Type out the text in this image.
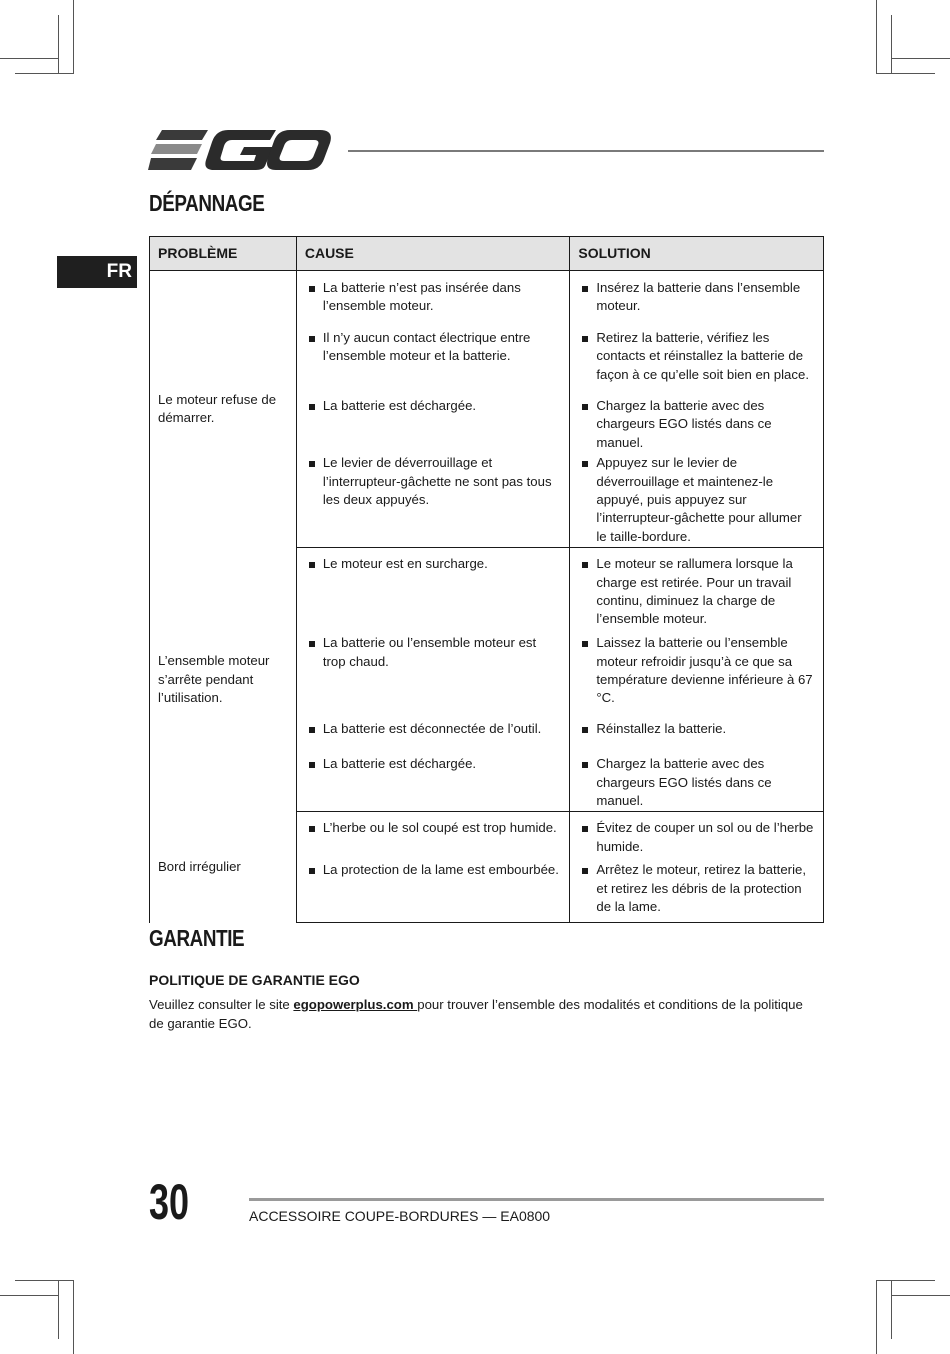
FR
DÉPANNAGE
PROBLÈME	CAUSE	SOLUTION
Le moteur refuse de démarrer.	La batterie n’est pas insérée dans l’ensemble moteur.	Insérez la batterie dans l’ensemble moteur.

	Il n’y aucun contact électrique entre l’ensemble moteur et la batterie.	Retirez la batterie, vérifiez les contacts et réinstallez la batterie de façon à ce qu’elle soit bien en place.

	La batterie est déchargée.	Chargez la batterie avec des chargeurs EGO listés dans ce manuel.

	Le levier de déverrouillage et l’interrupteur-gâchette ne sont pas tous les deux appuyés.	Appuyez sur le levier de déverrouillage et maintenez-le appuyé, puis appuyez sur l’interrupteur-gâchette pour allumer le taille-bordure.

L’ensemble moteur s’arrête pendant l’utilisation.	Le moteur est en surcharge.	Le moteur se rallumera lorsque la charge est retirée. Pour un travail continu, diminuez la charge de l’ensemble moteur.

	La batterie ou l’ensemble moteur est trop chaud.	Laissez la batterie ou l’ensemble moteur refroidir jusqu’à ce que sa température devienne inférieure à 67 °C.

	La batterie est déconnectée de l’outil.	Réinstallez la batterie.

	La batterie est déchargée.	Chargez la batterie avec des chargeurs EGO listés dans ce manuel.

Bord irrégulier	L’herbe ou le sol coupé est trop humide.	Évitez de couper un sol ou de l’herbe humide.

	La protection de la lame est embourbée.	Arrêtez le moteur, retirez la batterie, et retirez les débris de la protection de la lame.
GARANTIE
POLITIQUE DE GARANTIE EGO

Veuillez consulter le site egopowerplus.com pour trouver l’ensemble des modalités et conditions de la politique de garantie EGO.

30	ACCESSOIRE COUPE-BORDURES — EA0800
